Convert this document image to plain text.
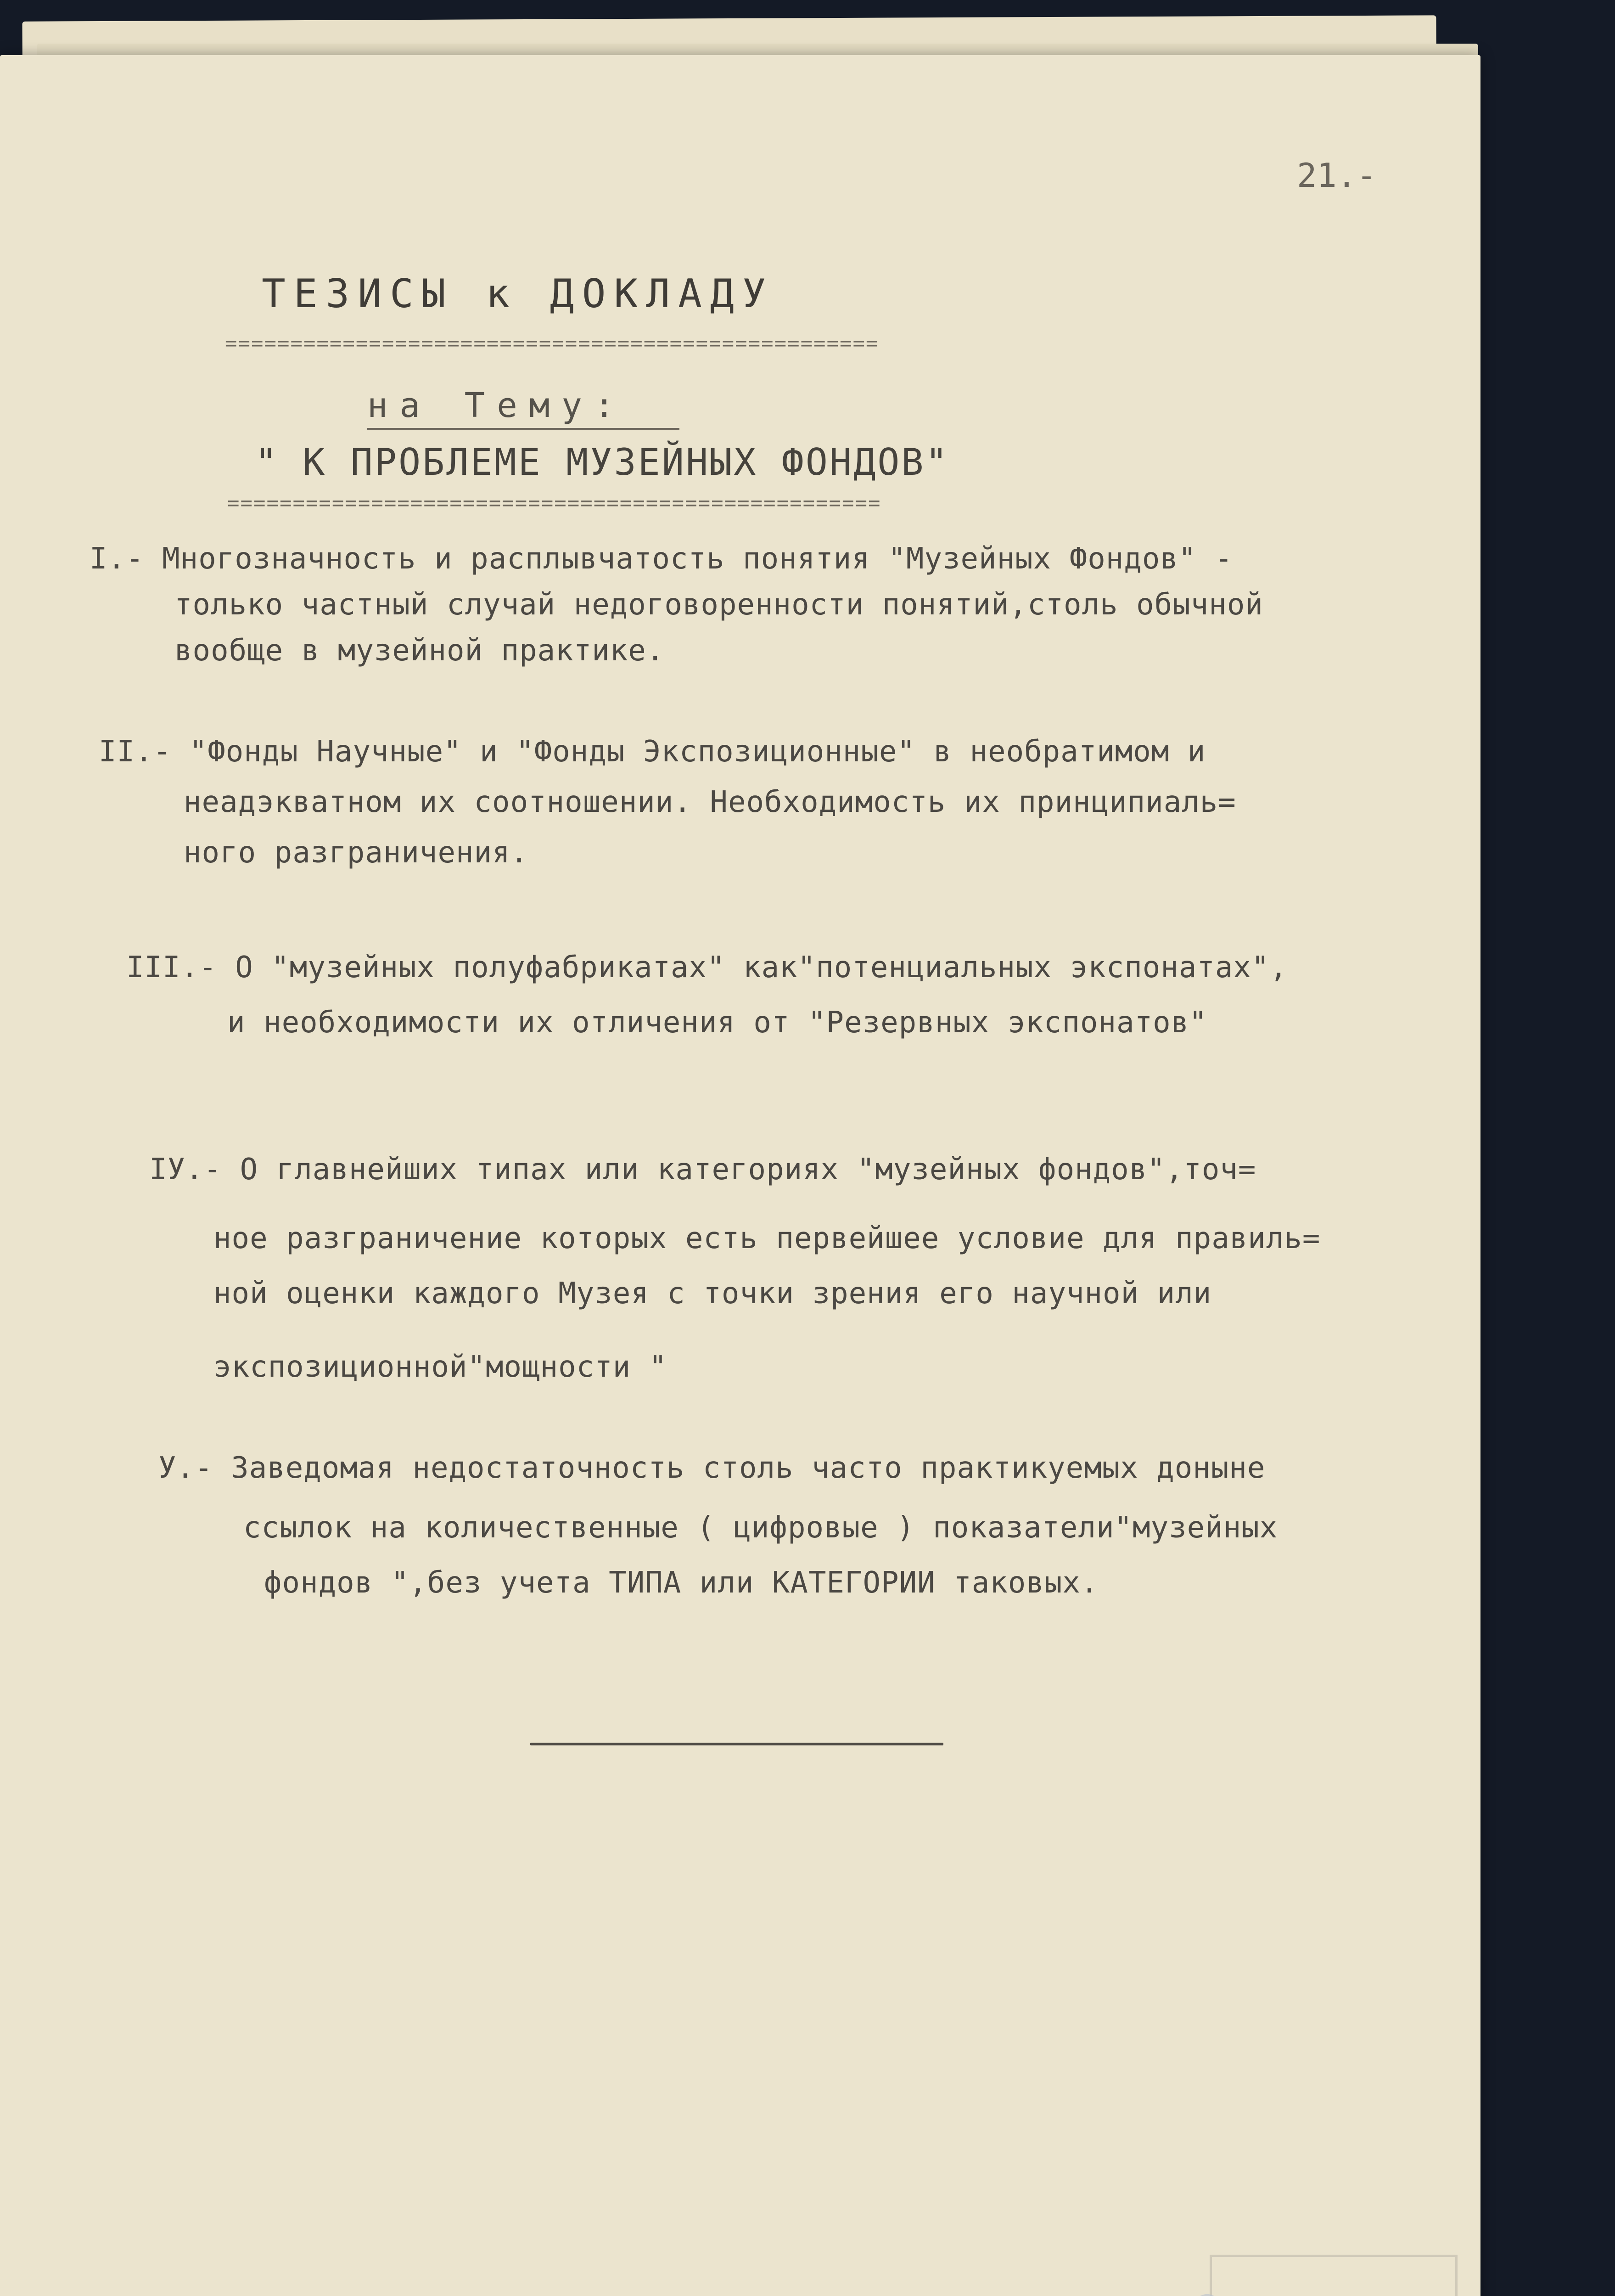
21.-
ТЕЗИСЫ к ДОКЛАДУ
==================================================
на Тему:
" К ПРОБЛЕМЕ МУЗЕЙНЫХ ФОНДОВ"
==================================================
I.- Многозначность и расплывчатость понятия "Музейных Фондов" -
только частный случай недоговоренности понятий,столь обычной
вообще в музейной практике.
II.- "Фонды Научные" и "Фонды Экспозиционные" в необратимом и
неадэкватном их соотношении. Необходимость их принципиаль=
ного разграничения.
III.- О "музейных полуфабрикатах" как"потенциальных экспонатах",
и необходимости их отличения от "Резервных экспонатов"
IУ.- О главнейших типах или категориях "музейных фондов",точ=
ное разграничение которых есть первейшее условие для правиль=
ной оценки каждого Музея с точки зрения его научной или
экспозиционной"мощности "
У.- Заведомая недостаточность столь часто практикуемых доныне
ссылок на количественные ( цифровые ) показатели"музейных
фондов ",без учета ТИПА или КАТЕГОРИИ таковых.
